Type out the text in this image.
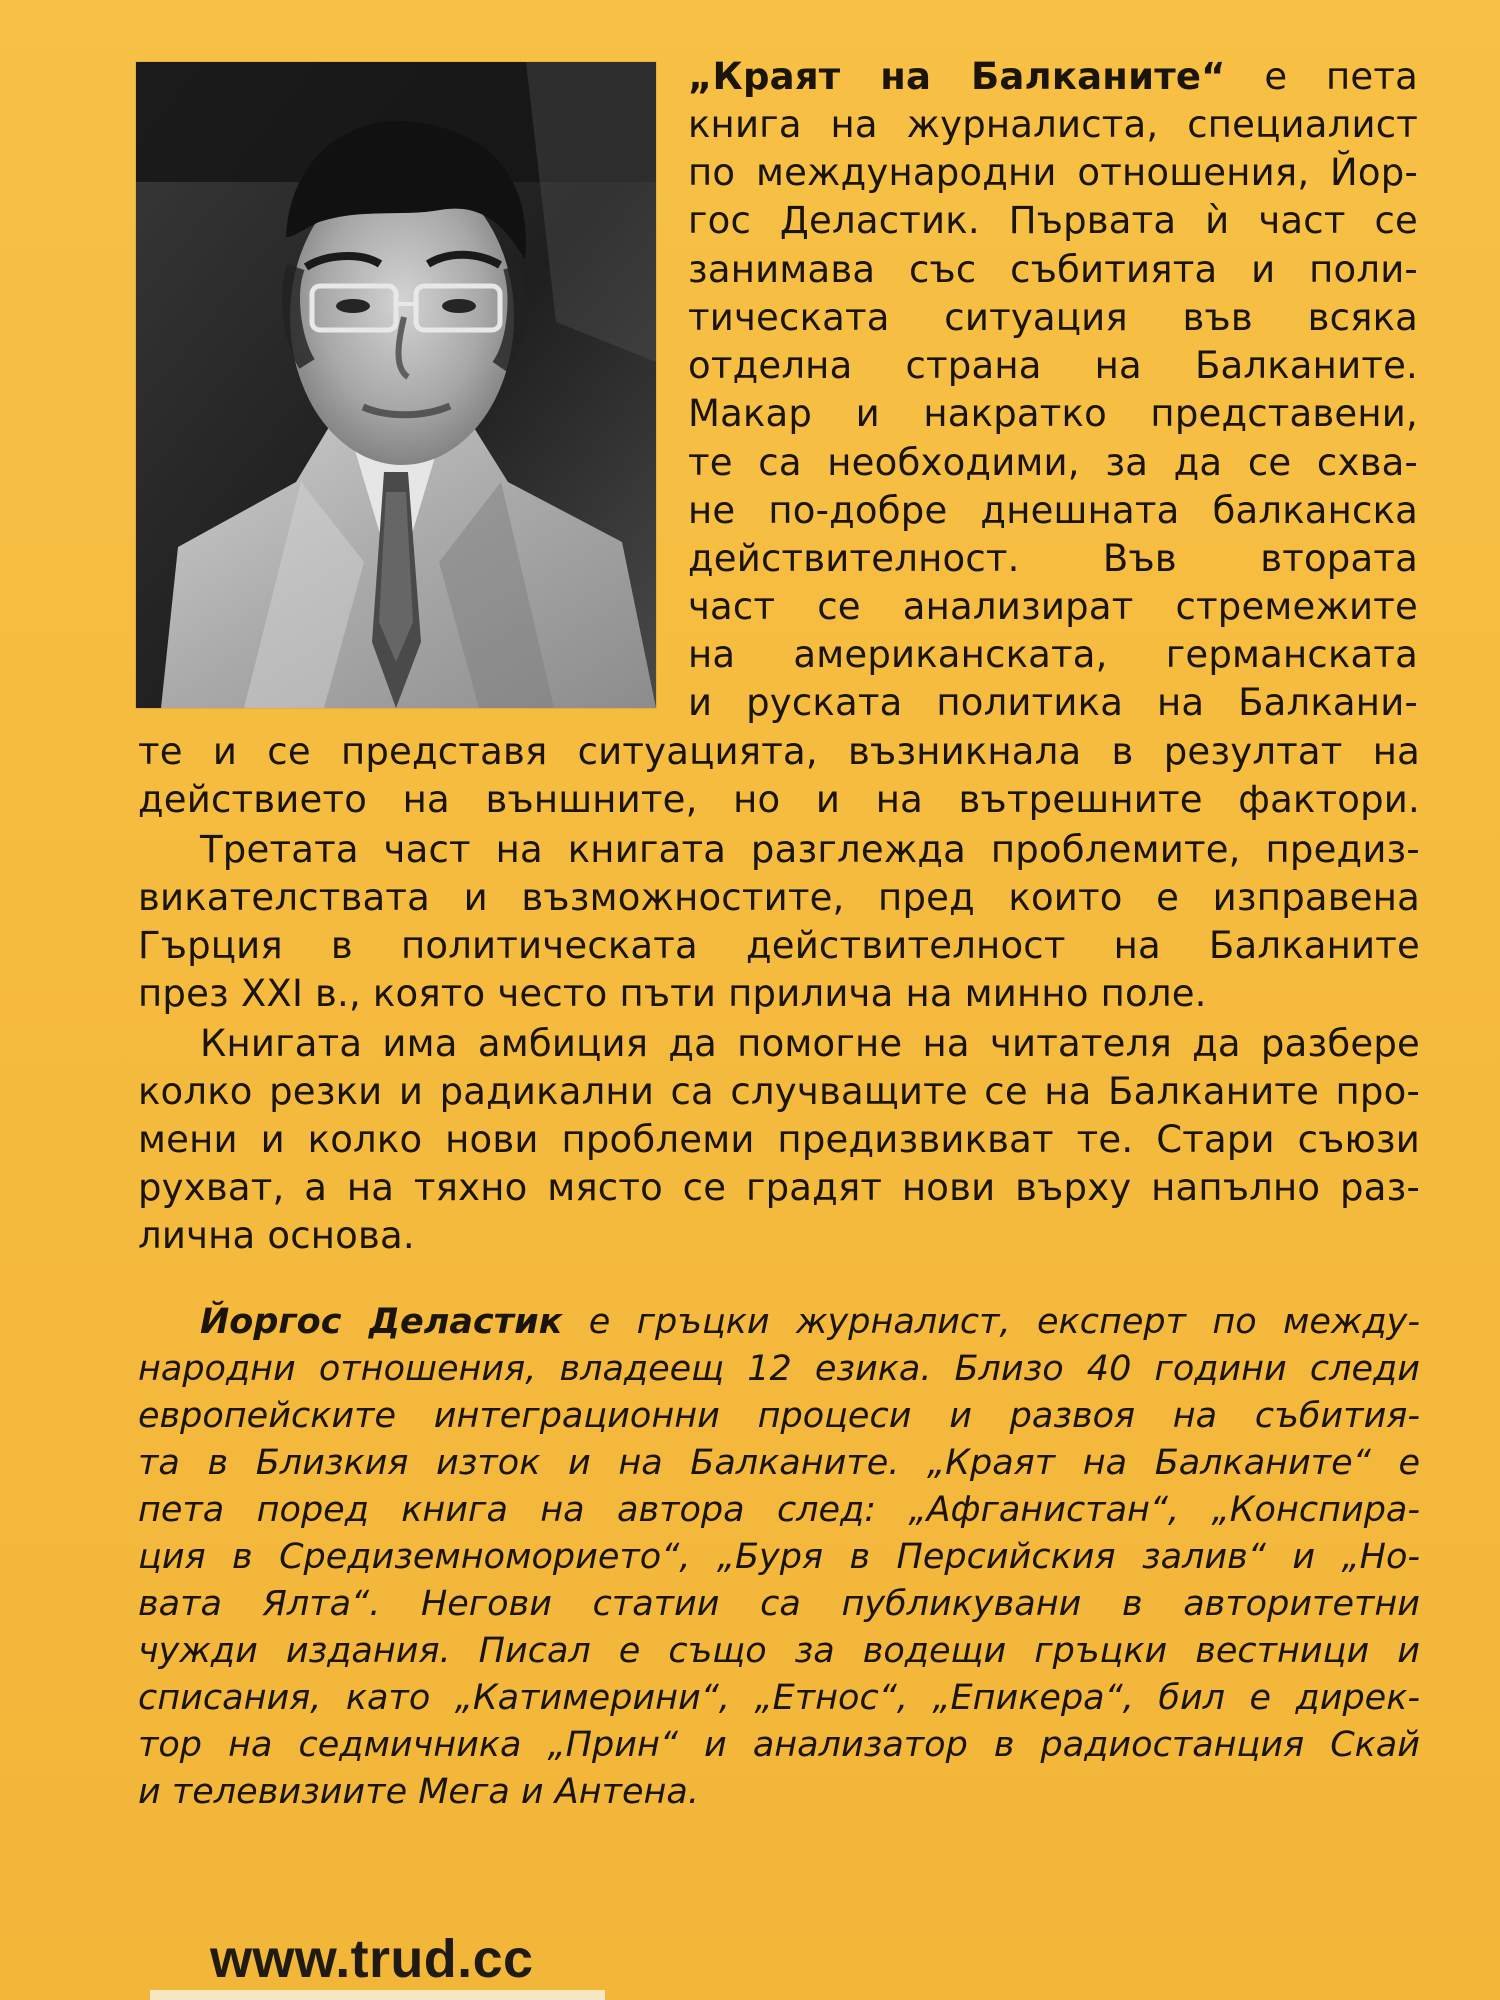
„Краят на Балканите“ е пета
книга на журналиста, специалист
по международни отношения, Йор-
гос Деластик. Първата ѝ част се
занимава със събитията и поли-
тическата ситуация във всяка
отделна страна на Балканите.
Макар и накратко представени,
те са необходими, за да се схва-
не по-добре днешната балканска
действителност. Във втората
част се анализират стремежите
на американската, германската
и руската политика на Балкани-
те и се представя ситуацията, възникнала в резултат на
действието на външните, но и на вътрешните фактори.
Третата част на книгата разглежда проблемите, предиз-
викателствата и възможностите, пред които е изправена
Гърция в политическата действителност на Балканите
през XXI в., която често пъти прилича на минно поле.
Книгата има амбиция да помогне на читателя да разбере
колко резки и радикални са случващите се на Балканите про-
мени и колко нови проблеми предизвикват те. Стари съюзи
рухват, а на тяхно място се градят нови върху напълно раз-
лична основа.
Йоргос Деластик е гръцки журналист, експерт по между-
народни отношения, владеещ 12 езика. Близо 40 години следи
европейските интеграционни процеси и развоя на събития-
та в Близкия изток и на Балканите. „Краят на Балканите“ е
пета поред книга на автора след: „Афганистан“, „Конспира-
ция в Средиземноморието“, „Буря в Персийския залив“ и „Но-
вата Ялта“. Негови статии са публикувани в авторитетни
чужди издания. Писал е също за водещи гръцки вестници и
списания, като „Катимерини“, „Етнос“, „Епикера“, бил е дирек-
тор на седмичника „Прин“ и анализатор в радиостанция Скай
и телевизиите Мега и Антена.
www.trud.cc
